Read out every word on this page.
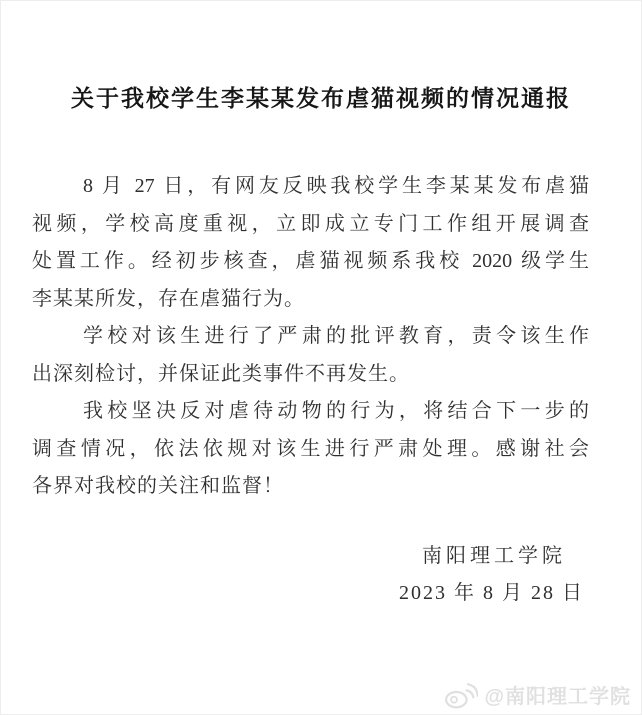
关于我校学生李某某发布虐猫视频的情况通报
8 月 27 日，有网友反映我校学生李某某发布虐猫
视频，学校高度重视，立即成立专门工作组开展调查
处置工作。经初步核查，虐猫视频系我校 2020 级学生
李某某所发，存在虐猫行为。
学校对该生进行了严肃的批评教育，责令该生作
出深刻检讨，并保证此类事件不再发生。
我校坚决反对虐待动物的行为，将结合下一步的
调查情况，依法依规对该生进行严肃处理。感谢社会
各界对我校的关注和监督！
南阳理工学院
2023 年 8 月 28 日
@南阳理工学院
